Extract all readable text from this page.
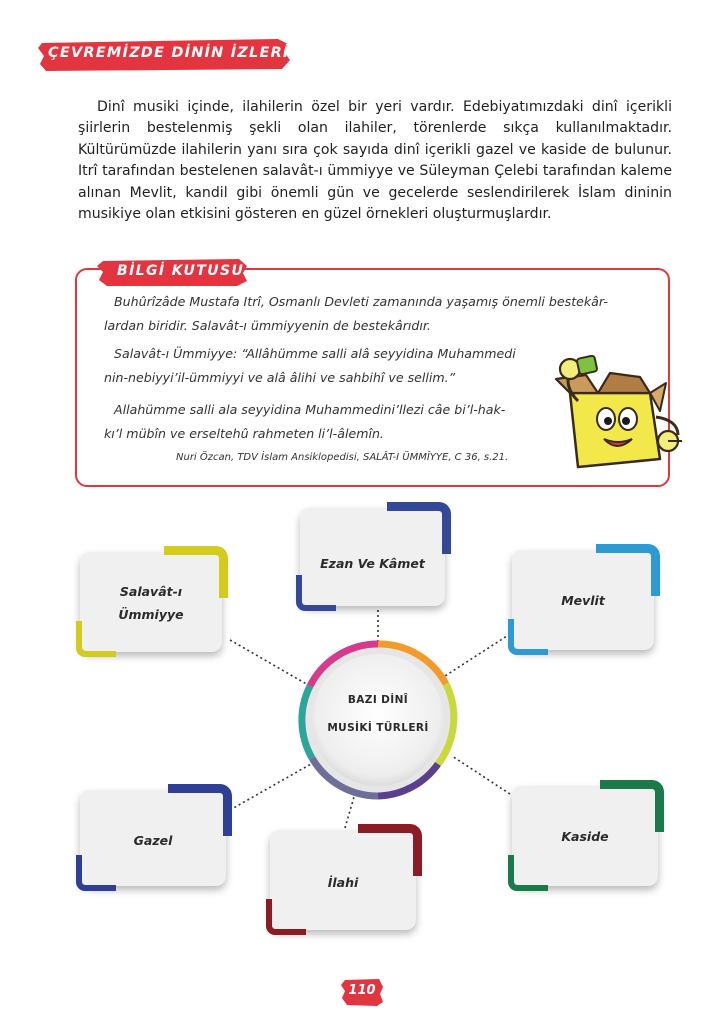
ÇEVREMİZDE DİNİN İZLERİ

Dinî musiki içinde, ilahilerin özel bir yeri vardır. Edebiyatımızdaki dinî içerikli şiirlerin bestelenmiş şekli olan ilahiler, törenlerde sıkça kullanılmaktadır. Kültürümüzde ilahilerin yanı sıra çok sayıda dinî içerikli gazel ve kaside de bulunur. Itrî tarafından bestelenen salavât-ı ümmiyye ve Süleyman Çelebi tarafından kaleme alınan Mevlit, kandil gibi önemli gün ve gecelerde seslendirilerek İslam dininin musikiye olan etkisini gösteren en güzel örnekleri oluşturmuşlardır.

BİLGİ KUTUSU
Buhûrîzâde Mustafa Itrî, Osmanlı Devleti zamanında yaşamış önemli bestekâr-
lardan biridir. Salavât-ı ümmiyyenin de bestekârıdır.
Salavât-ı Ümmiyye: “Allâhümme salli alâ seyyidina Muhammedi
nin-nebiyyi’il-ümmiyyi ve alâ âlihi ve sahbihî ve sellim.”
Allahümme salli ala seyyidina Muhammedini’llezi câe bi’l-hak-
kı’l mübîn ve erseltehû rahmeten li’l-âlemîn.
Nuri Özcan, TDV İslam Ansiklopedisi, SALÂT-I ÜMMÎYYE, C 36, s.21.
BAZI DİNÎ
MUSİKİ TÜRLERİ
Salavât-ı
Ümmiyye
Ezan Ve Kâmet
Mevlit
Gazel
İlahi
Kaside
110
